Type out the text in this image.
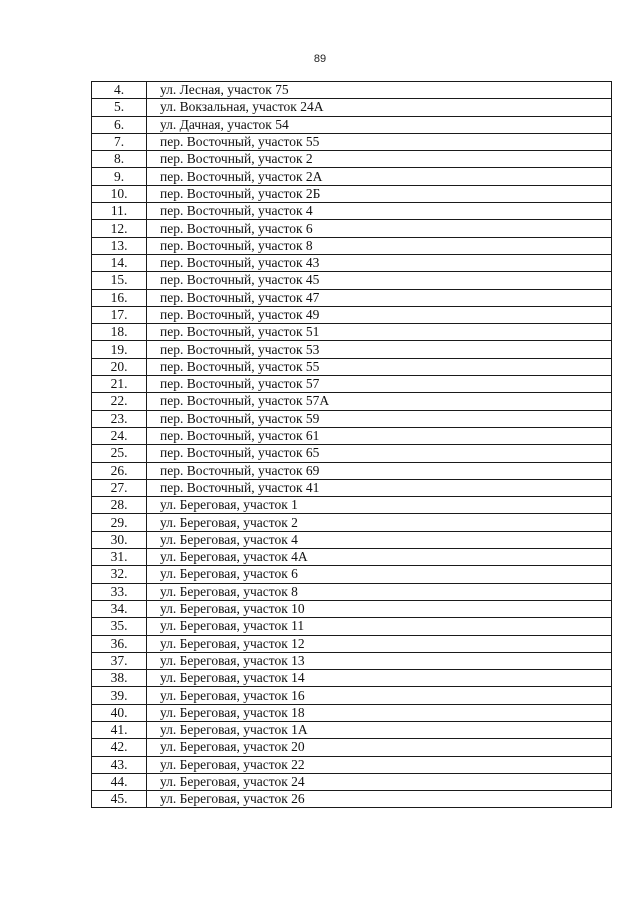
89
4.	ул. Лесная, участок 75
5.	ул. Вокзальная, участок 24А
6.	ул. Дачная, участок 54
7.	пер. Восточный, участок 55
8.	пер. Восточный, участок 2
9.	пер. Восточный, участок 2А
10.	пер. Восточный, участок 2Б
11.	пер. Восточный, участок 4
12.	пер. Восточный, участок 6
13.	пер. Восточный, участок 8
14.	пер. Восточный, участок 43
15.	пер. Восточный, участок 45
16.	пер. Восточный, участок 47
17.	пер. Восточный, участок 49
18.	пер. Восточный, участок 51
19.	пер. Восточный, участок 53
20.	пер. Восточный, участок 55
21.	пер. Восточный, участок 57
22.	пер. Восточный, участок 57А
23.	пер. Восточный, участок 59
24.	пер. Восточный, участок 61
25.	пер. Восточный, участок 65
26.	пер. Восточный, участок 69
27.	пер. Восточный, участок 41
28.	ул. Береговая, участок 1
29.	ул. Береговая, участок 2
30.	ул. Береговая, участок 4
31.	ул. Береговая, участок 4А
32.	ул. Береговая, участок 6
33.	ул. Береговая, участок 8
34.	ул. Береговая, участок 10
35.	ул. Береговая, участок 11
36.	ул. Береговая, участок 12
37.	ул. Береговая, участок 13
38.	ул. Береговая, участок 14
39.	ул. Береговая, участок 16
40.	ул. Береговая, участок 18
41.	ул. Береговая, участок 1А
42.	ул. Береговая, участок 20
43.	ул. Береговая, участок 22
44.	ул. Береговая, участок 24
45.	ул. Береговая, участок 26
